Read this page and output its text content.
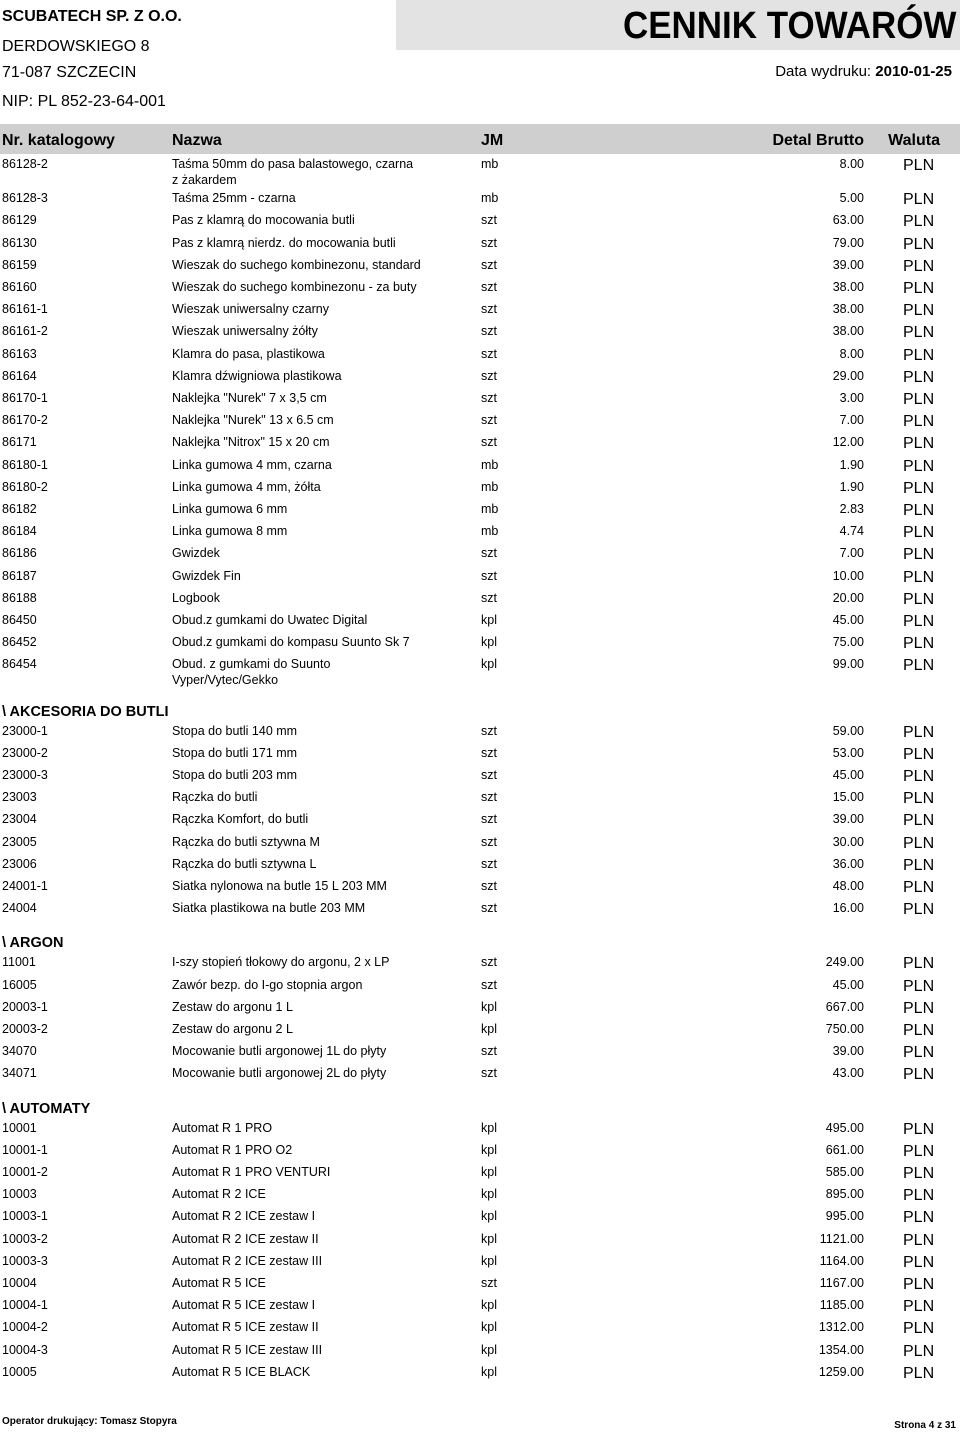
SCUBATECH SP. Z O.O.
DERDOWSKIEGO 8
71-087 SZCZECIN
NIP: PL 852-23-64-001
CENNIK TOWARÓW
Data wydruku: 2010-01-25
Nr. katalogowy	Nazwa	JM	Detal Brutto Waluta
86128-2	Taśma 50mm do pasa balastowego, czarna	mb	8.00 PLN
z żakardem
86128-3	Taśma 25mm - czarna	mb	5.00 PLN
86129	Pas z klamrą do mocowania butli	szt	63.00 PLN
86130	Pas z klamrą nierdz. do mocowania butli	szt	79.00 PLN
86159	Wieszak do suchego kombinezonu, standard	szt	39.00 PLN
86160	Wieszak do suchego kombinezonu - za buty	szt	38.00 PLN
86161-1	Wieszak uniwersalny czarny	szt	38.00 PLN
86161-2	Wieszak uniwersalny żółty	szt	38.00 PLN
86163	Klamra do pasa, plastikowa	szt	8.00 PLN
86164	Klamra dźwigniowa plastikowa	szt	29.00 PLN
86170-1	Naklejka "Nurek" 7 x 3,5 cm	szt	3.00 PLN
86170-2	Naklejka "Nurek" 13 x 6.5 cm	szt	7.00 PLN
86171	Naklejka "Nitrox" 15 x 20 cm	szt	12.00 PLN
86180-1	Linka gumowa 4 mm, czarna	mb	1.90 PLN
86180-2	Linka gumowa 4 mm, żółta	mb	1.90 PLN
86182	Linka gumowa 6 mm	mb	2.83 PLN
86184	Linka gumowa 8 mm	mb	4.74 PLN
86186	Gwizdek	szt	7.00 PLN
86187	Gwizdek Fin	szt	10.00 PLN
86188	Logbook	szt	20.00 PLN
86450	Obud.z gumkami do Uwatec Digital	kpl	45.00 PLN
86452	Obud.z gumkami do kompasu Suunto Sk 7	kpl	75.00 PLN
86454	Obud. z gumkami do Suunto	kpl	99.00 PLN
Vyper/Vytec/Gekko
\ AKCESORIA DO BUTLI
23000-1	Stopa do butli 140 mm	szt	59.00 PLN
23000-2	Stopa do butli 171 mm	szt	53.00 PLN
23000-3	Stopa do butli 203 mm	szt	45.00 PLN
23003	Rączka do butli	szt	15.00 PLN
23004	Rączka Komfort, do butli	szt	39.00 PLN
23005	Rączka do butli sztywna M	szt	30.00 PLN
23006	Rączka do butli sztywna L	szt	36.00 PLN
24001-1	Siatka nylonowa na butle 15 L 203 MM	szt	48.00 PLN
24004	Siatka plastikowa na butle 203 MM	szt	16.00 PLN
\ ARGON
11001	I-szy stopień tłokowy do argonu, 2 x LP	szt	249.00 PLN
16005	Zawór bezp. do I-go stopnia argon	szt	45.00 PLN
20003-1	Zestaw do argonu 1 L	kpl	667.00 PLN
20003-2	Zestaw do argonu 2 L	kpl	750.00 PLN
34070	Mocowanie butli argonowej 1L do płyty	szt	39.00 PLN
34071	Mocowanie butli argonowej 2L do płyty	szt	43.00 PLN
\ AUTOMATY
10001	Automat R 1 PRO	kpl	495.00 PLN
10001-1	Automat R 1 PRO O2	kpl	661.00 PLN
10001-2	Automat R 1 PRO VENTURI	kpl	585.00 PLN
10003	Automat R 2 ICE	kpl	895.00 PLN
10003-1	Automat R 2 ICE zestaw I	kpl	995.00 PLN
10003-2	Automat R 2 ICE zestaw II	kpl	1121.00 PLN
10003-3	Automat R 2 ICE zestaw III	kpl	1164.00 PLN
10004	Automat R 5 ICE	szt	1167.00 PLN
10004-1	Automat R 5 ICE zestaw I	kpl	1185.00 PLN
10004-2	Automat R 5 ICE zestaw II	kpl	1312.00 PLN
10004-3	Automat R 5 ICE zestaw III	kpl	1354.00 PLN
10005	Automat R 5 ICE BLACK	kpl	1259.00 PLN
Operator drukujący: Tomasz Stopyra	Strona 4 z 31
